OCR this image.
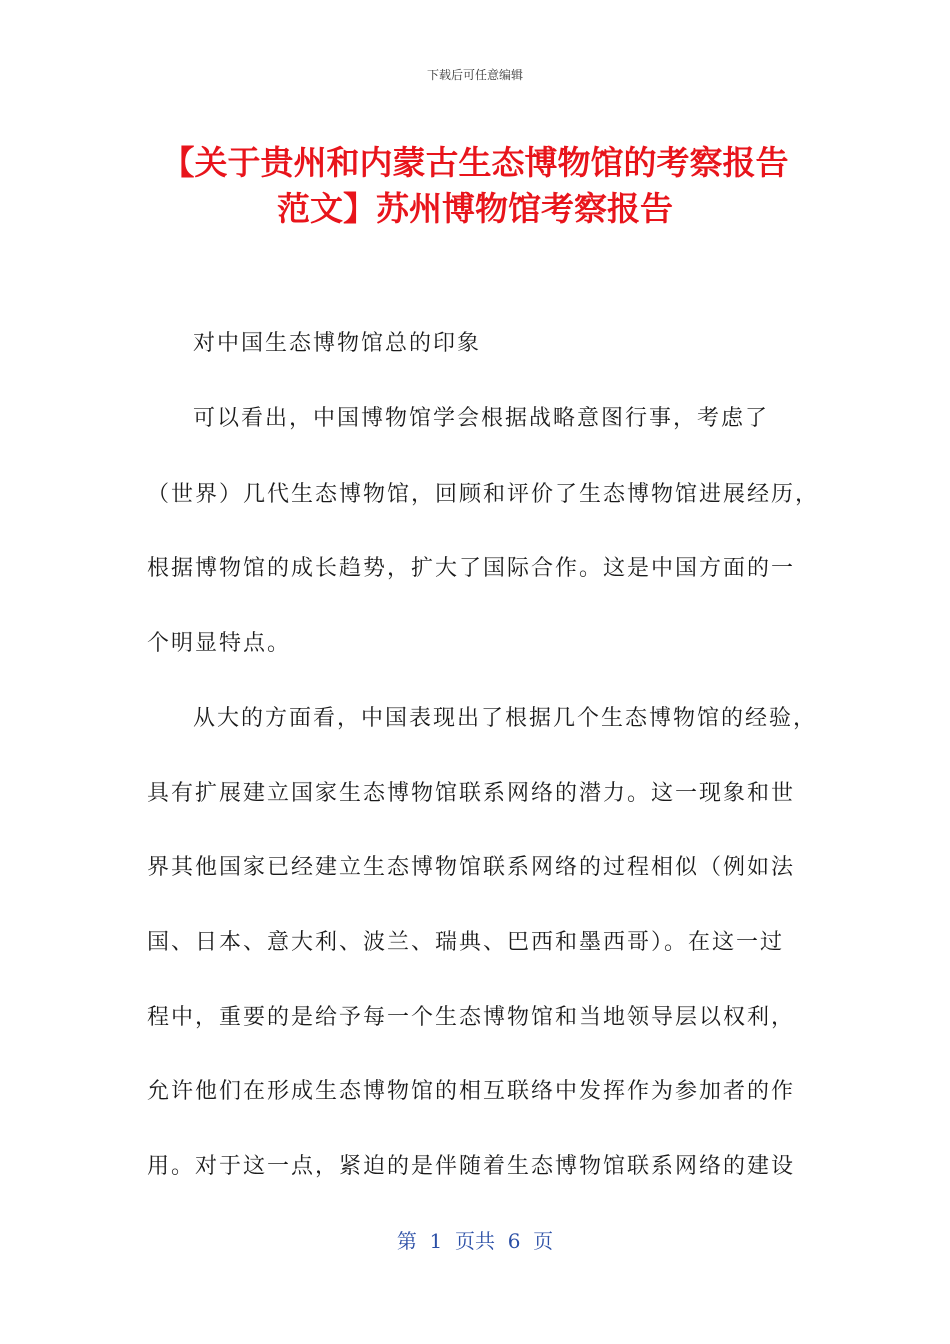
下载后可任意编辑
【关于贵州和内蒙古生态博物馆的考察报告
范文】苏州博物馆考察报告
对中国生态博物馆总的印象
可以看出，中国博物馆学会根据战略意图行事，考虑了
（世界）几代生态博物馆，回顾和评价了生态博物馆进展经历，
根据博物馆的成长趋势，扩大了国际合作。这是中国方面的一
个明显特点。
从大的方面看，中国表现出了根据几个生态博物馆的经验，
具有扩展建立国家生态博物馆联系网络的潜力。这一现象和世
界其他国家已经建立生态博物馆联系网络的过程相似（例如法
国、日本、意大利、波兰、瑞典、巴西和墨西哥）。在这一过
程中，重要的是给予每一个生态博物馆和当地领导层以权利，
允许他们在形成生态博物馆的相互联络中发挥作为参加者的作
用。对于这一点，紧迫的是伴随着生态博物馆联系网络的建设
第  1  页共  6  页
